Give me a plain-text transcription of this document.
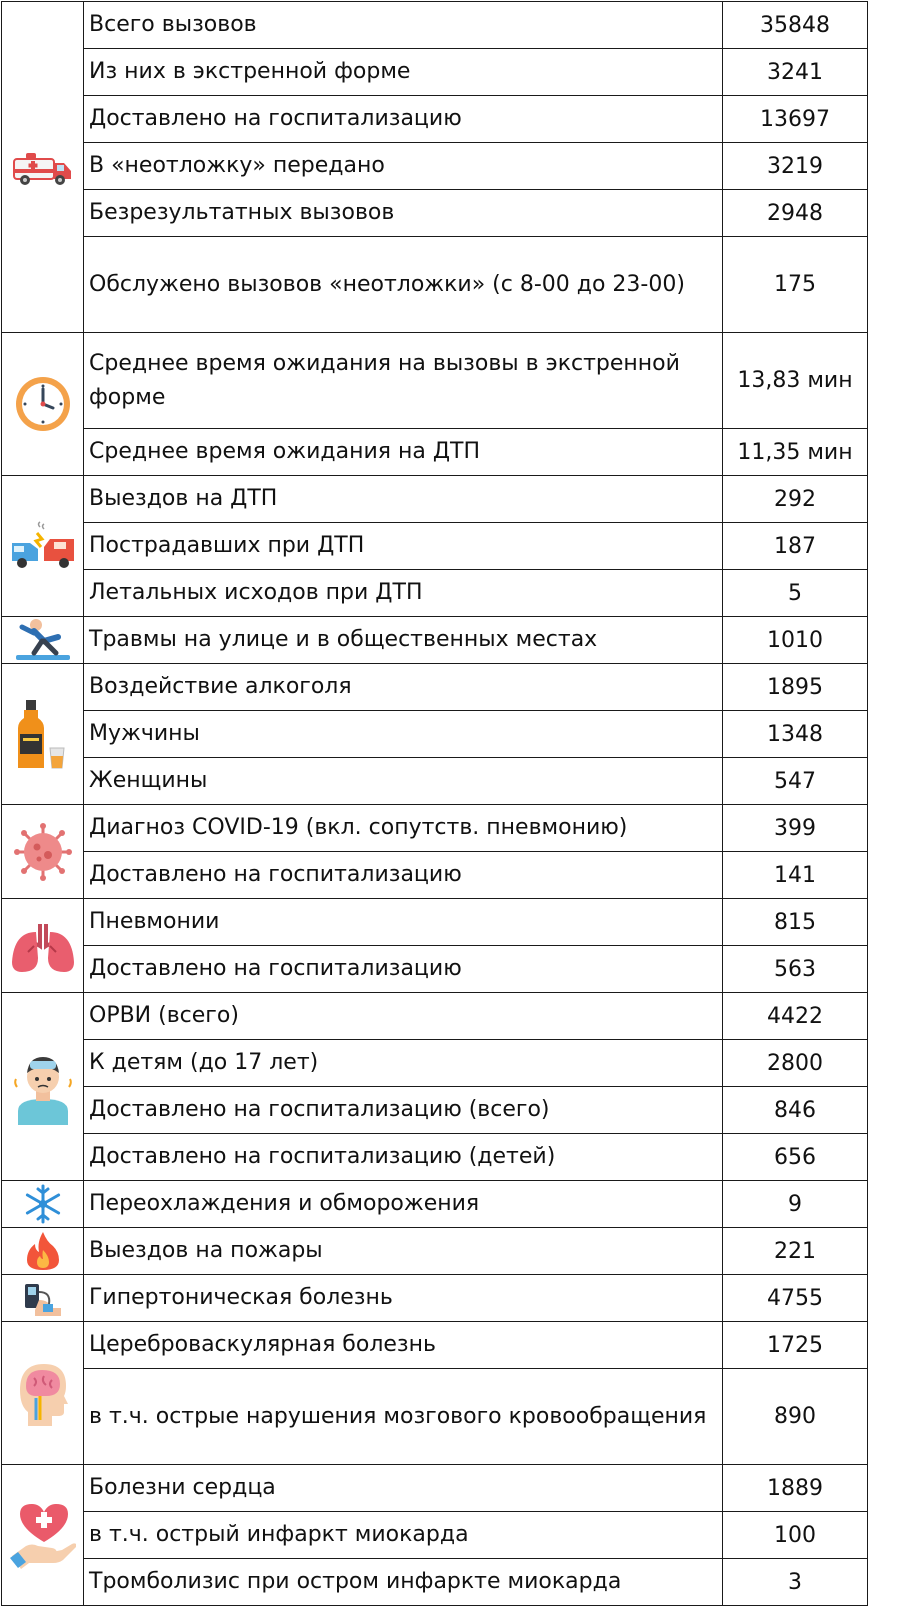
	Всего вызовов	35848
	Из них в экстренной форме	3241
	Доставлено на госпитализацию	13697
	В «неотложку» передано	3219
	Безрезультатных вызовов	2948
	Обслужено вызовов «неотложки» (с 8-00 до 23-00)	175

	Среднее время ожидания на вызовы в экстренной форме	13,83 мин
	Среднее время ожидания на ДТП	11,35 мин

	Выездов на ДТП	292
	Пострадавших при ДТП	187
	Летальных исходов при ДТП	5

	Травмы на улице и в общественных местах	1010

	Воздействие алкоголя	1895
	Мужчины	1348
	Женщины	547

	Диагноз COVID-19 (вкл. сопутств. пневмонию)	399
	Доставлено на госпитализацию	141

	Пневмонии	815
	Доставлено на госпитализацию	563

	ОРВИ (всего)	4422
	К детям (до 17 лет)	2800
	Доставлено на госпитализацию (всего)	846
	Доставлено на госпитализацию (детей)	656

	Переохлаждения и обморожения	9

	Выездов на пожары	221

	Гипертоническая болезнь	4755

	Цереброваскулярная болезнь	1725
	в т.ч. острые нарушения мозгового кровообращения	890

	Болезни сердца	1889
	в т.ч. острый инфаркт миокарда	100
	Тромболизис при остром инфаркте миокарда	3
